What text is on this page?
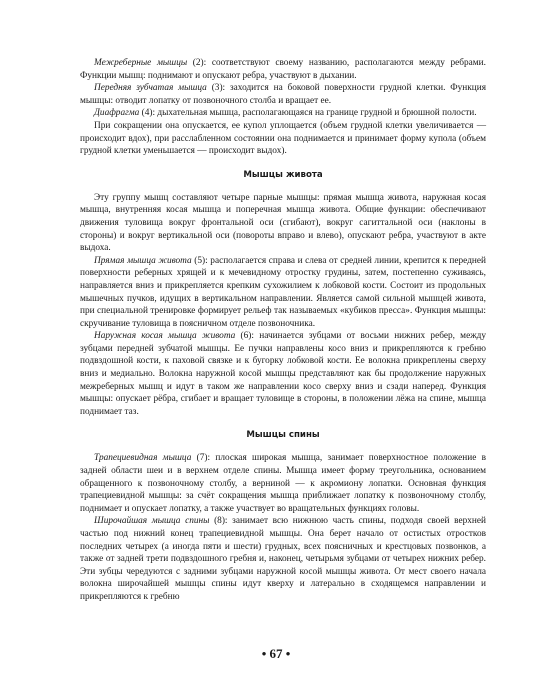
Межреберные мышцы (2): соответствуют своему названию, располагаются между ребрами. Функции мышц: поднимают и опускают ребра, участвуют в дыхании.

Передняя зубчатая мышца (3): заходится на боковой поверхности грудной клетки. Функция мышцы: отводит лопатку от позвоночного столба и вращает ее.

Диафрагма (4): дыхательная мышца, располагающаяся на границе грудной и брюшной полости.

При сокращении она опускается, ее купол уплощается (объем грудной клетки увеличивается — происходит вдох), при расслабленном состоянии она поднимается и принимает форму купола (объем грудной клетки уменьшается — происходит выдох).

Мышцы живота

Эту группу мышц составляют четыре парные мышцы: прямая мышца живота, наружная косая мышца, внутренняя косая мышца и поперечная мышца живота. Общие функции: обеспечивают движения туловища вокруг фронтальной оси (сгибают), вокруг сагиттальной оси (наклоны в стороны) и вокруг вертикальной оси (повороты вправо и влево), опускают ребра, участвуют в акте выдоха.

Прямая мышца живота (5): располагается справа и слева от средней линии, крепится к передней поверхности реберных хрящей и к мечевидному отростку грудины, затем, постепенно суживаясь, направляется вниз и прикрепляется крепким сухожилием к лобковой кости. Состоит из продольных мышечных пучков, идущих в вертикальном направлении. Является самой сильной мышцей живота, при специальной тренировке формирует рельеф так называемых «кубиков пресса». Функция мышцы: скручивание туловища в поясничном отделе позвоночника.

Наружная косая мышца живота (6): начинается зубцами от восьми нижних ребер, между зубцами передней зубчатой мышцы. Ее пучки направлены косо вниз и прикрепляются к гребню подвздошной кости, к паховой связке и к бугорку лобковой кости. Ее волокна прикреплены сверху вниз и медиально. Волокна наружной косой мышцы представляют как бы продолжение наружных межреберных мышц и идут в таком же направлении косо сверху вниз и сзади наперед. Функция мышцы: опускает рёбра, сгибает и вращает туловище в стороны, в положении лёжа на спине, мышца поднимает таз.

Мышцы спины

Трапециевидная мышца (7): плоская широкая мышца, занимает поверхностное положение в задней области шеи и в верхнем отделе спины. Мышца имеет форму треугольника, основанием обращенного к позвоночному столбу, а верниной — к акромиону лопатки. Основная функция трапециевидной мышцы: за счёт сокращения мышца приближает лопатку к позвоночному столбу, поднимает и опускает лопатку, а также участвует во вращательных функциях головы.

Широчайшая мышца спины (8): занимает всю нижнюю часть спины, подходя своей верхней частью под нижний конец трапециевидной мышцы. Она берет начало от остистых отростков последних четырех (а иногда пяти и шести) грудных, всех поясничных и крестцовых позвонков, а также от задней трети подвздошного гребня и, наконец, четырьмя зубцами от четырех нижних ребер. Эти зубцы чередуются с задними зубцами наружной косой мышцы живота. От мест своего начала волокна широчайшей мышцы спины идут кверху и латерально в сходящемся направлении и прикрепляются к гребню

• 67 •
